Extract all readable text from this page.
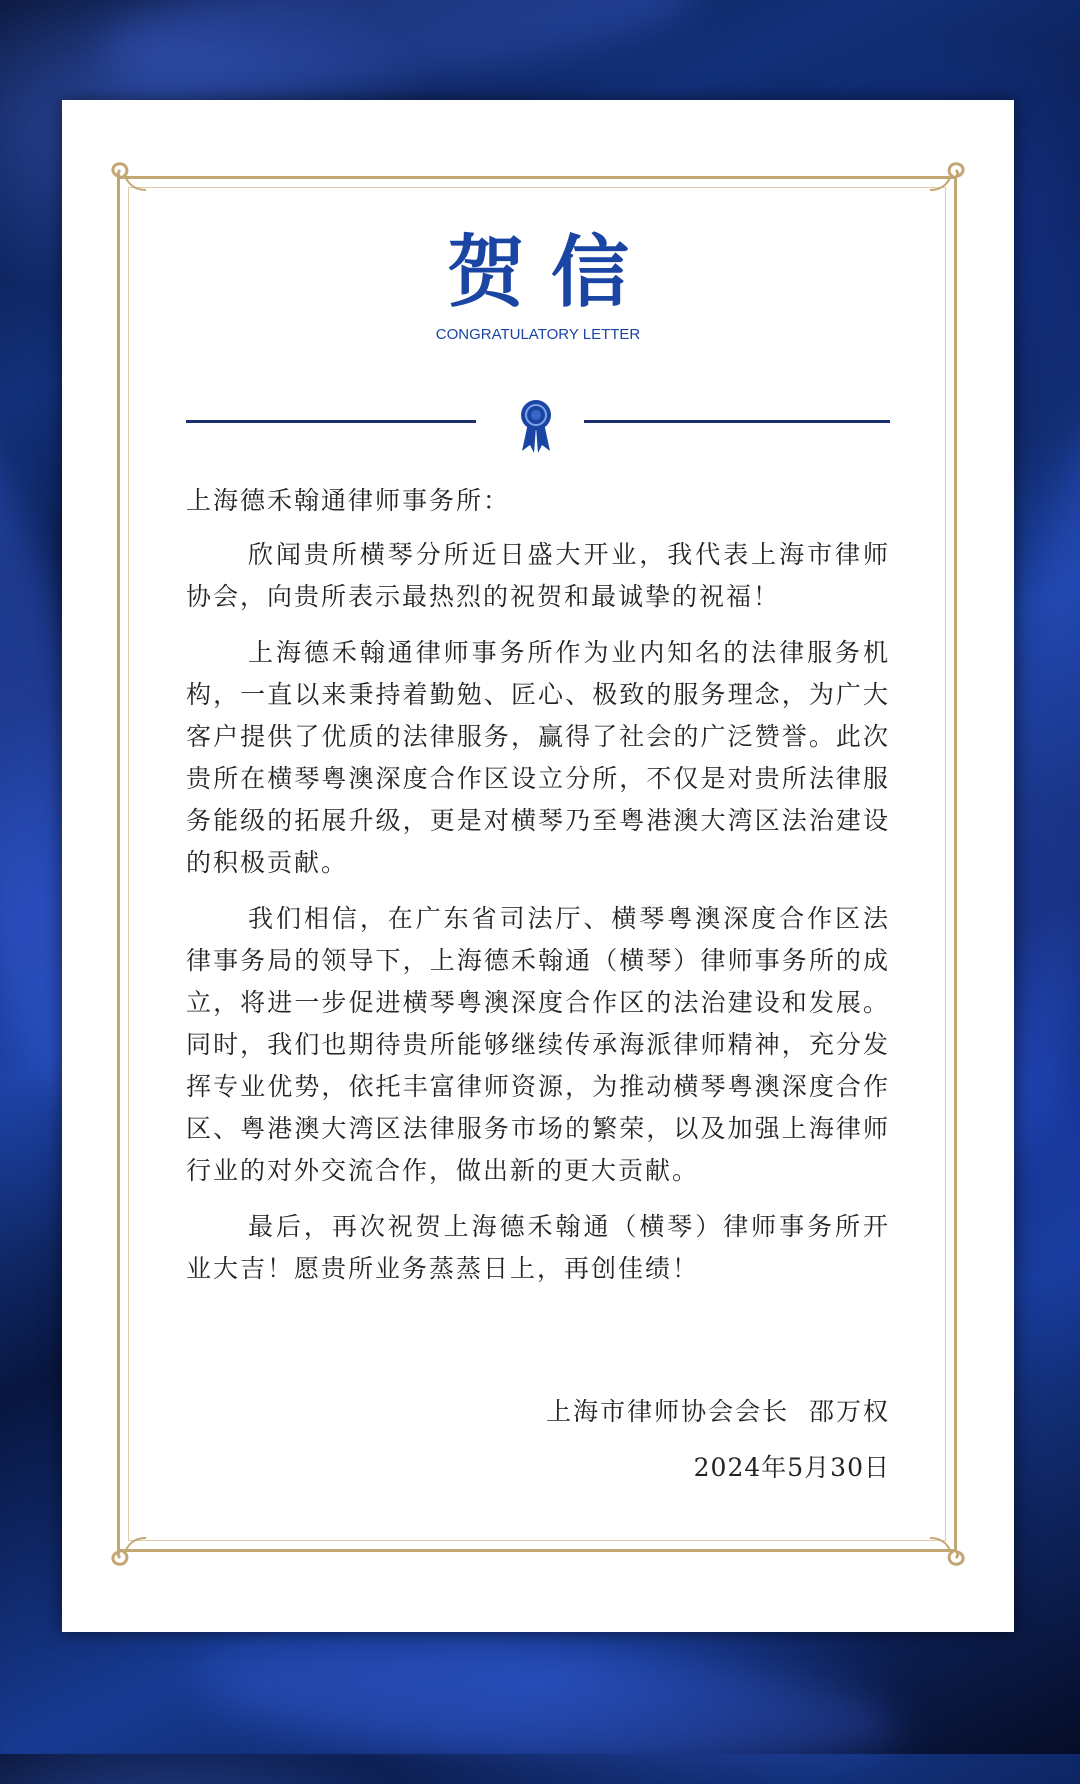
贺信
CONGRATULATORY LETTER
上海德禾翰通律师事务所：

欣闻贵所横琴分所近日盛大开业，我代表上海市律师协会，向贵所表示最热烈的祝贺和最诚挚的祝福！

上海德禾翰通律师事务所作为业内知名的法律服务机构，一直以来秉持着勤勉、匠心、极致的服务理念，为广大客户提供了优质的法律服务，赢得了社会的广泛赞誉。此次贵所在横琴粤澳深度合作区设立分所，不仅是对贵所法律服务能级的拓展升级，更是对横琴乃至粤港澳大湾区法治建设的积极贡献。

我们相信，在广东省司法厅、横琴粤澳深度合作区法律事务局的领导下，上海德禾翰通（横琴）律师事务所的成立，将进一步促进横琴粤澳深度合作区的法治建设和发展。同时，我们也期待贵所能够继续传承海派律师精神，充分发挥专业优势，依托丰富律师资源，为推动横琴粤澳深度合作区、粤港澳大湾区法律服务市场的繁荣，以及加强上海律师行业的对外交流合作，做出新的更大贡献。

最后，再次祝贺上海德禾翰通（横琴）律师事务所开业大吉！愿贵所业务蒸蒸日上，再创佳绩！

上海市律师协会会长  邵万权
2024年5月30日
